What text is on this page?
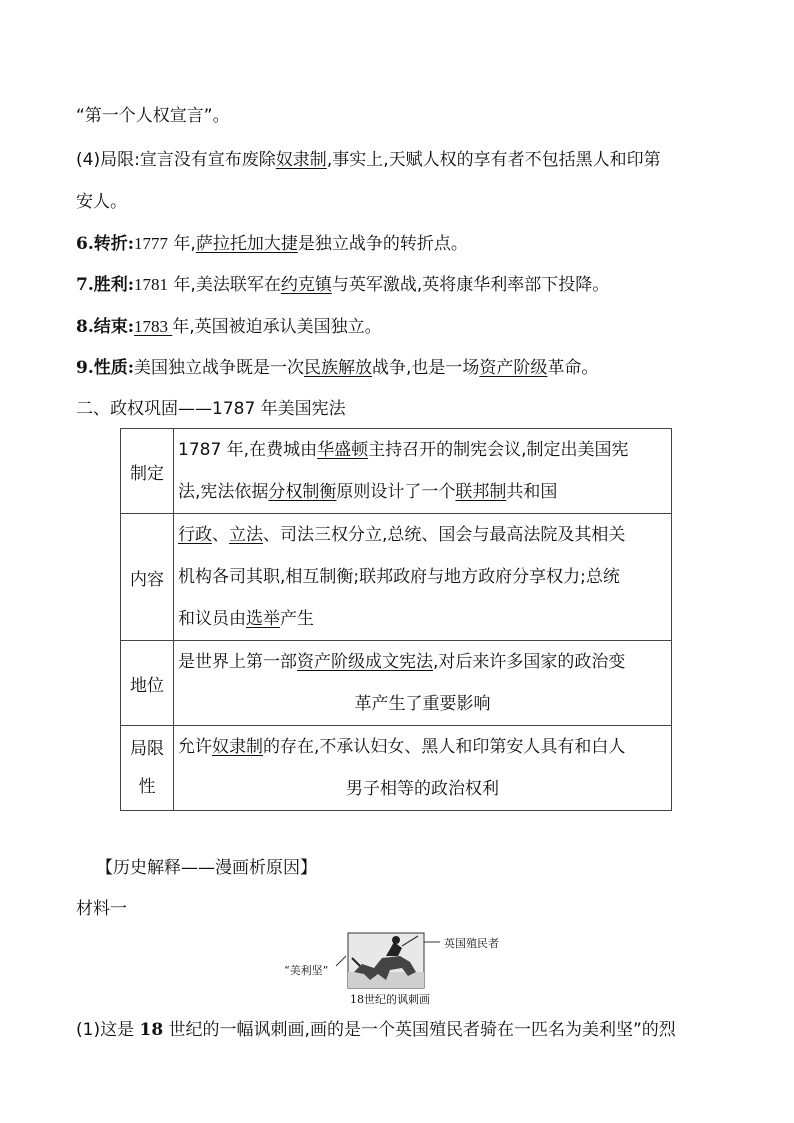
“第一个人权宣言”。
(4)局限:宣言没有宣布废除奴隶制,事实上,天赋人权的享有者不包括黑人和印第
安人。
6.转折:1777 年,萨拉托加大捷是独立战争的转折点。
7.胜利:1781 年,美法联军在约克镇与英军激战,英将康华利率部下投降。
8.结束:1783 年,英国被迫承认美国独立。
9.性质:美国独立战争既是一次民族解放战争,也是一场资产阶级革命。
二、政权巩固——1787 年美国宪法
制定	1787 年,在费城由华盛顿主持召开的制宪会议,制定出美国宪
法,宪法依据分权制衡原则设计了一个联邦制共和国

内容	行政、立法、司法三权分立,总统、国会与最高法院及其相关
机构各司其职,相互制衡;联邦政府与地方政府分享权力;总统
和议员由选举产生

地位	是世界上第一部资产阶级成文宪法,对后来许多国家的政治变
革产生了重要影响

局限
性	允许奴隶制的存在,不承认妇女、黑人和印第安人具有和白人
男子相等的政治权利
【历史解释——漫画析原因】
材料一
“美利坚”
英国殖民者
18世纪的讽刺画
(1)这是 18 世纪的一幅讽刺画,画的是一个英国殖民者骑在一匹名为美利坚”的烈
